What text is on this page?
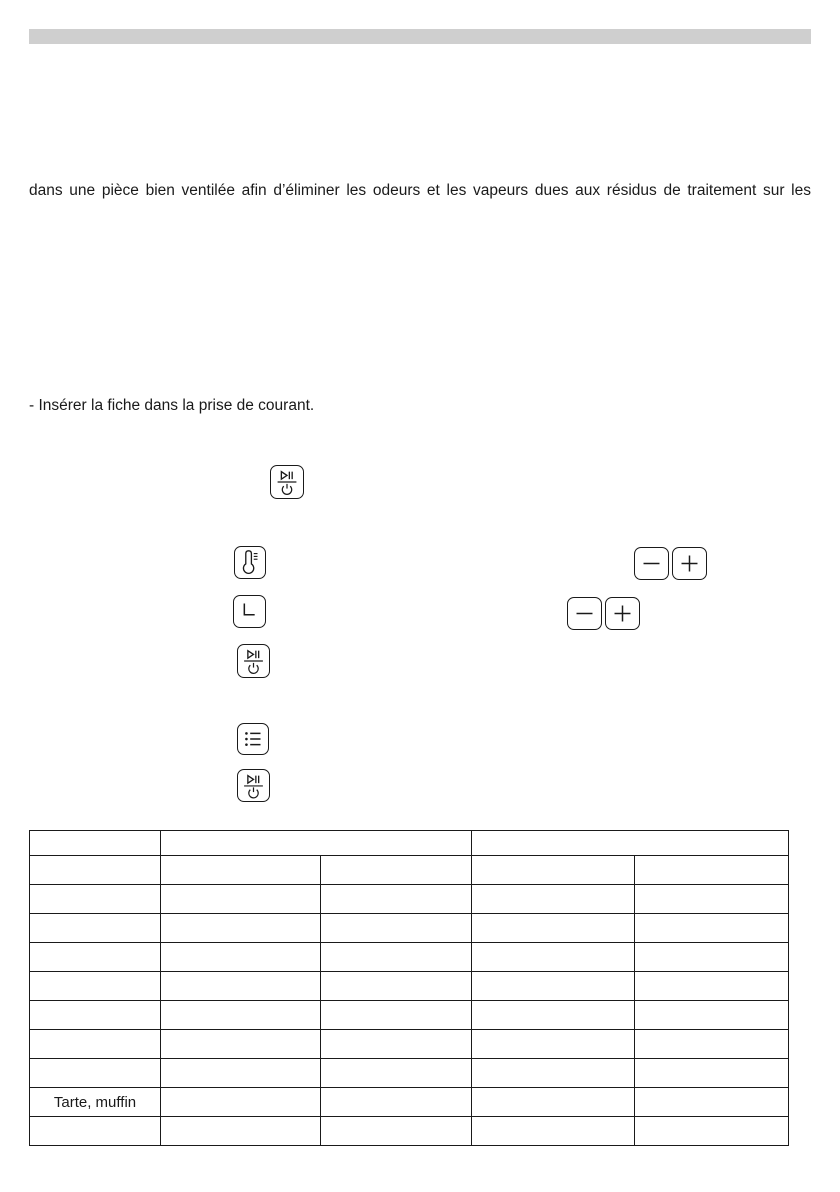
dans une pièce bien ventilée afin d’éliminer les odeurs et les vapeurs dues aux résidus de traitement sur les
- Insérer la fiche dans la prise de courant.

Tarte, muffin				
